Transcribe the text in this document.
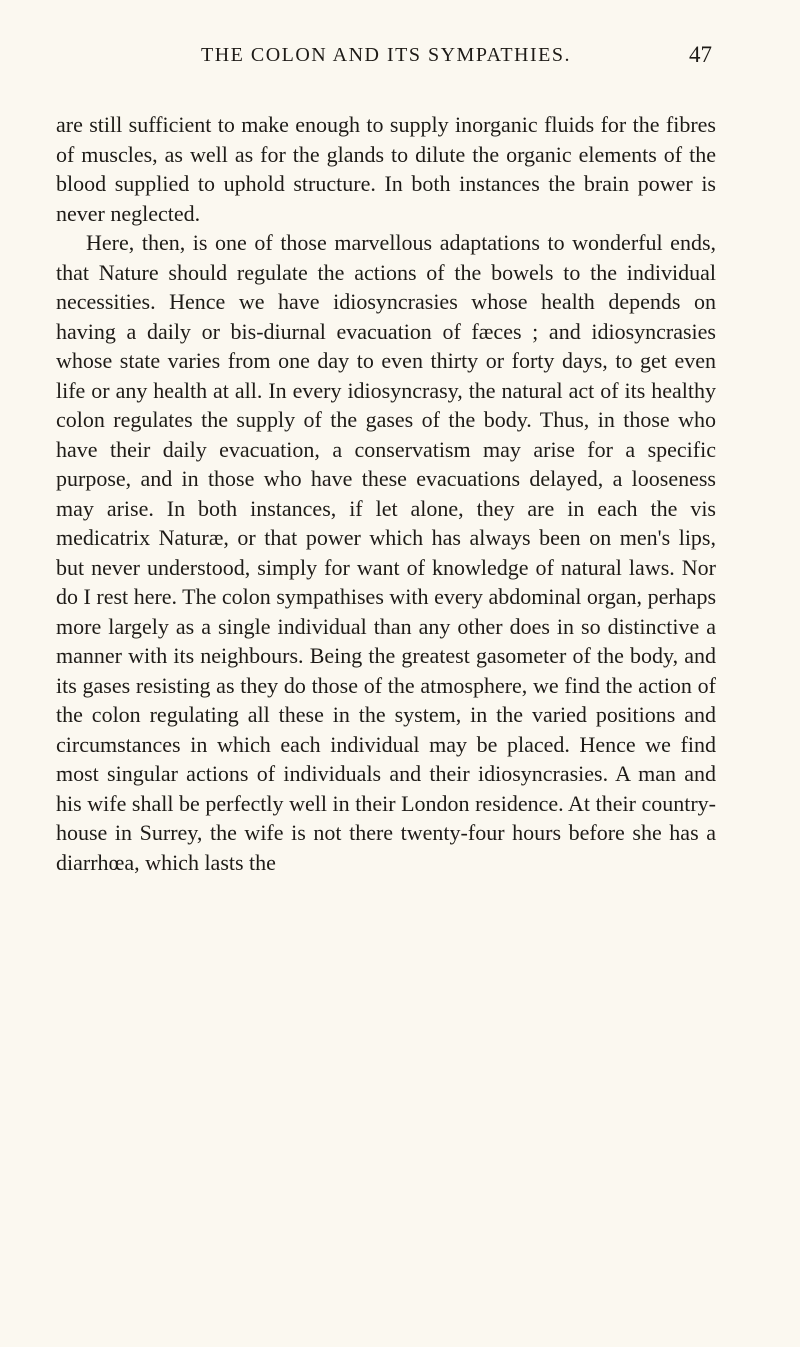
THE COLON AND ITS SYMPATHIES.	47

are still sufficient to make enough to supply inorganic fluids for the fibres of muscles, as well as for the glands to dilute the organic elements of the blood supplied to uphold structure. In both instances the brain power is never neglected.

Here, then, is one of those marvellous adaptations to wonderful ends, that Nature should regulate the actions of the bowels to the individual necessities. Hence we have idiosyncrasies whose health depends on having a daily or bis-diurnal evacuation of fæces ; and idiosyncrasies whose state varies from one day to even thirty or forty days, to get even life or any health at all. In every idiosyncrasy, the natural act of its healthy colon regulates the supply of the gases of the body. Thus, in those who have their daily evacuation, a conservatism may arise for a specific purpose, and in those who have these evacuations delayed, a looseness may arise. In both instances, if let alone, they are in each the vis medicatrix Naturæ, or that power which has always been on men's lips, but never understood, simply for want of knowledge of natural laws. Nor do I rest here. The colon sympathises with every abdominal organ, perhaps more largely as a single individual than any other does in so distinctive a manner with its neighbours. Being the greatest gasometer of the body, and its gases resisting as they do those of the atmosphere, we find the action of the colon regulating all these in the system, in the varied positions and circumstances in which each individual may be placed. Hence we find most singular actions of individuals and their idiosyncrasies. A man and his wife shall be perfectly well in their London residence. At their country-house in Surrey, the wife is not there twenty-four hours before she has a diarrhœa, which lasts the
